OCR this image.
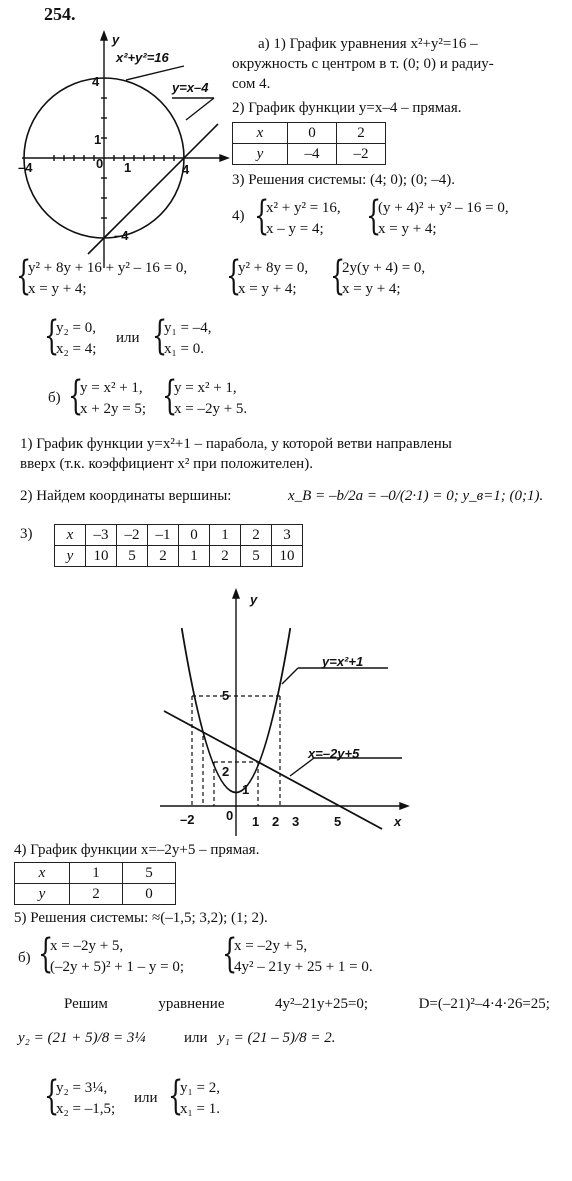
254.
x²+y²=16
y=x–4
y
4
1
–4	0 1	4
–4
а) 1) График уравнения x²+y²=16 –
окружность с центром в т. (0; 0) и радиу-
сом 4.
2) График функции y=x–4 – прямая.
x	0	2
y	–4	–2
3) Решения системы: (4; 0); (0; –4).
4) {
x² + y² = 16,
x – y = 4;	{
(y + 4)² + y² – 16 = 0,
x = y + 4;
{
y² + 8y + 16 + y² – 16 = 0,
x = y + 4;	{
y² + 8y = 0,
x = y + 4; {
2y(y + 4) = 0,
x = y + 4;
{
y₂ = 0,
x₂ = 4;
или {
y₁ = –4,
x₁ = 0.
б) {
y = x² + 1,
x + 2y = 5; {
y = x² + 1,
x = –2y + 5.
1) График функции y=x²+1 – парабола, у которой ветви направлены
вверх (т.к. коэффициент x² при положителен).
2) Найдем координаты вершины:	x_B = –b/2a = –0/(2·1) = 0; y_в=1; (0;1).
3) x	–3	–2	–1	0	1	2	3
y	10	5	2	1	2	5	10
y
x
y=x²+1
x=–2y+5
5
2
1
–2 0 1 2 3	5
4) График функции x=–2y+5 – прямая.
x	1	5
y	2	0
5) Решения системы: ≈(–1,5; 3,2); (1; 2).
б) {
x = –2y + 5,
(–2y + 5)² + 1 – y = 0; {
x = –2y + 5,
4y² – 21y + 25 + 1 = 0.
Решим	уравнение	4y²–21y+25=0;	D=(–21)²–4·4·26=25;
y₂ = (21 + 5)/8 = 3¼	или y₁ = (21 – 5)/8 = 2.
{
y₂ = 3¼,
x₂ = –1,5;
или {
y₁ = 2,
x₁ = 1.
